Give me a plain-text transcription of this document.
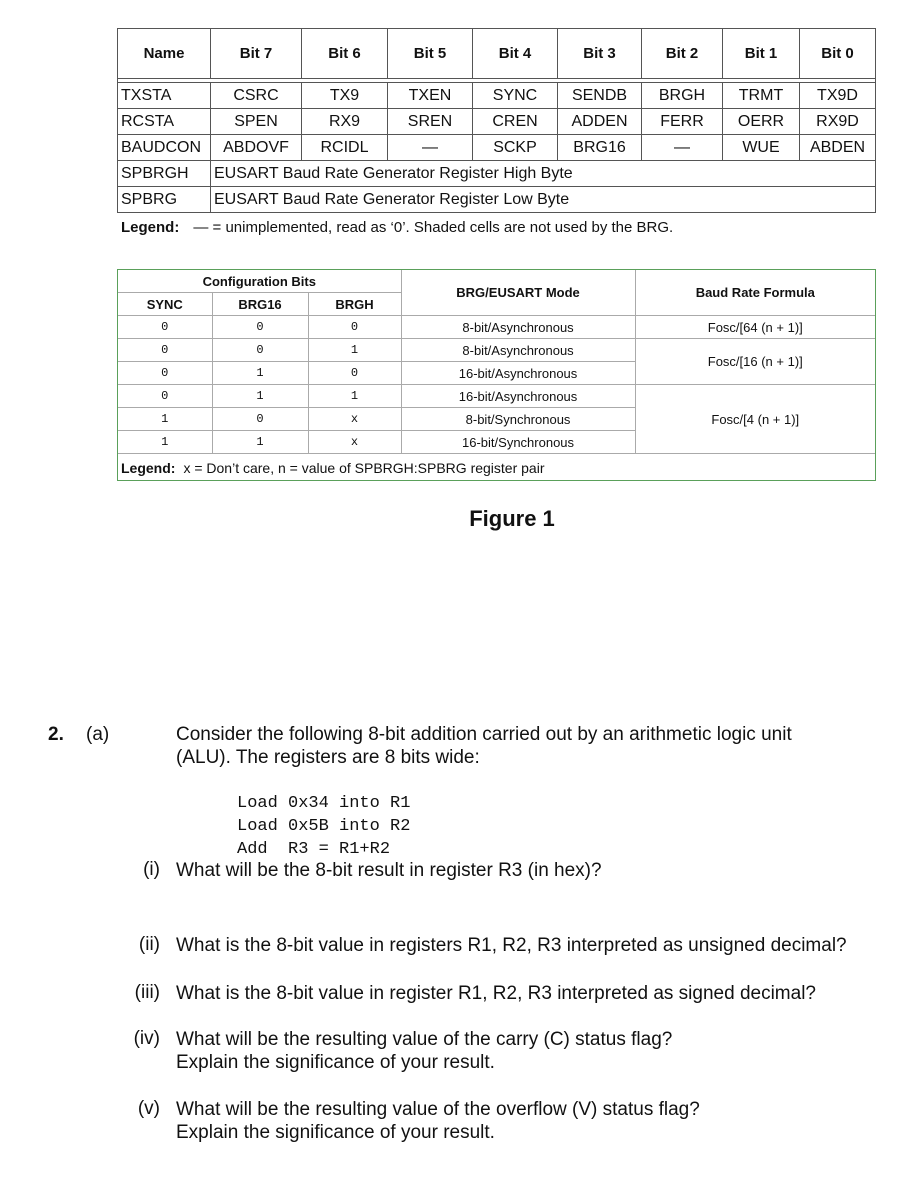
Name	Bit 7	Bit 6	Bit 5	Bit 4	Bit 3	Bit 2	Bit 1	Bit 0

TXSTA	CSRC	TX9	TXEN	SYNC	SENDB	BRGH	TRMT	TX9D
RCSTA	SPEN	RX9	SREN	CREN	ADDEN	FERR	OERR	RX9D
BAUDCON	ABDOVF	RCIDL	—	SCKP	BRG16	—	WUE	ABDEN
SPBRGH	EUSART Baud Rate Generator Register High Byte							
SPBRG	EUSART Baud Rate Generator Register Low Byte							
Legend: — = unimplemented, read as ‘0’. Shaded cells are not used by the BRG.
Configuration Bits			BRG/EUSART Mode	Baud Rate Formula
SYNC	BRG16	BRGH		
0	0	0	8-bit/Asynchronous	Fosc/[64 (n + 1)]
0	0	1	8-bit/Asynchronous	Fosc/[16 (n + 1)]
0	1	0	16-bit/Asynchronous	
0	1	1	16-bit/Asynchronous	Fosc/[4 (n + 1)]
1	0	x	8-bit/Synchronous	
1	1	x	16-bit/Synchronous	
Legend: x = Don’t care, n = value of SPBRGH:SPBRG register pair
Figure 1
2. (a)	Consider the following 8-bit addition carried out by an arithmetic logic unit
(ALU). The registers are 8 bits wide:
Load 0x34 into R1
Load 0x5B into R2
Add  R3 = R1+R2
(i) What will be the 8-bit result in register R3 (in hex)?
(ii) What is the 8-bit value in registers R1, R2, R3 interpreted as unsigned decimal?
(iii) What is the 8-bit value in register R1, R2, R3 interpreted as signed decimal?
(iv) What will be the resulting value of the carry (C) status flag?
Explain the significance of your result.
(v) What will be the resulting value of the overflow (V) status flag?
Explain the significance of your result.
